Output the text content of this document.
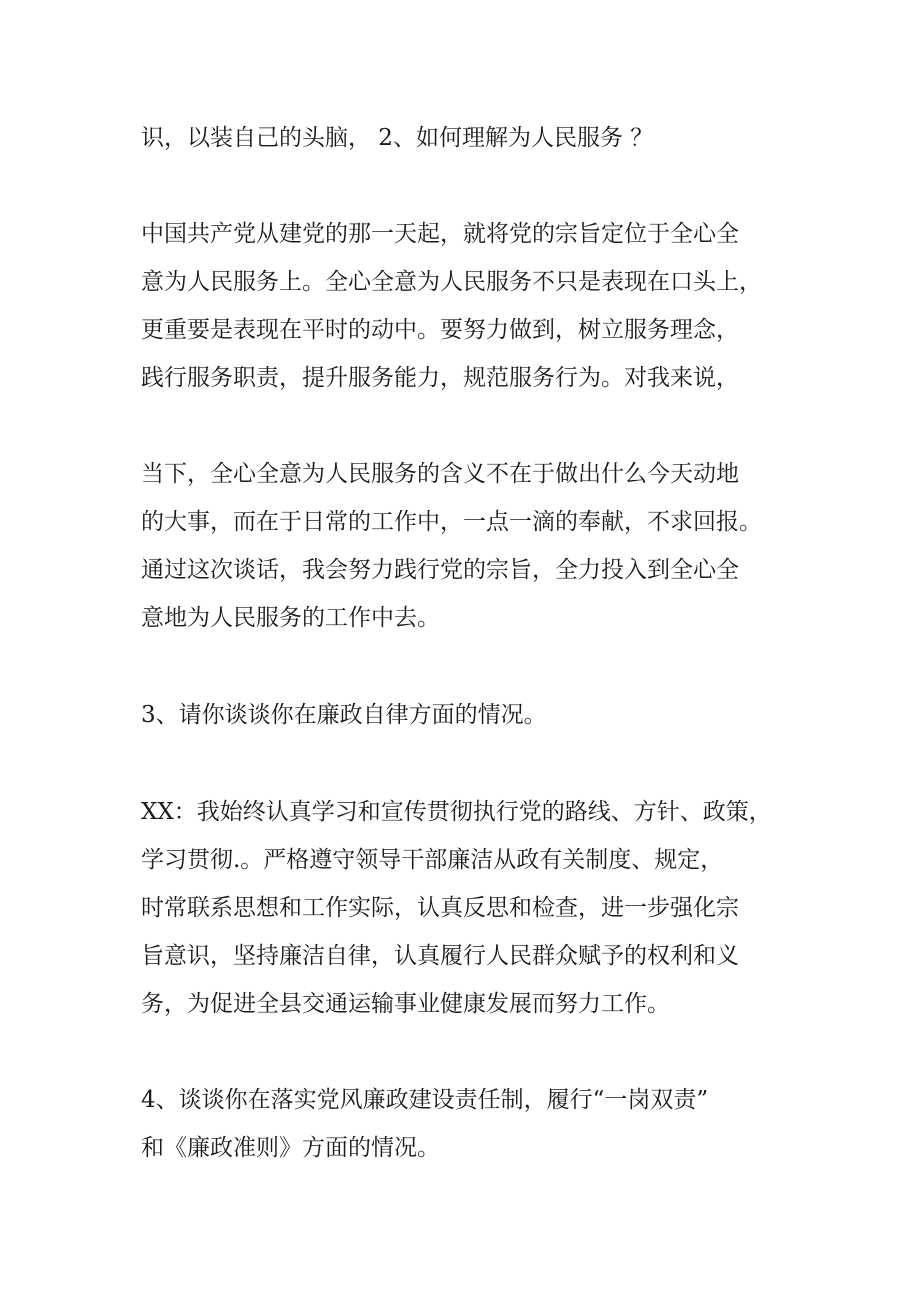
识，以装自己的头脑， 2、如何理解为人民服务 ？

中国共产党从建党的那一天起，就将党的宗旨定位于全心全
意为人民服务上。全心全意为人民服务不只是表现在口头上，
更重要是表现在平时的动中。要努力做到，树立服务理念，
践行服务职责，提升服务能力，规范服务行为。对我来说，

当下，全心全意为人民服务的含义不在于做出什么今天动地
的大事，而在于日常的工作中，一点一滴的奉献，不求回报。
通过这次谈话，我会努力践行党的宗旨，全力投入到全心全
意地为人民服务的工作中去。

3、请你谈谈你在廉政自律方面的情况。

XX：我始终认真学习和宣传贯彻执行党的路线、方针、政策，
学习贯彻.。严格遵守领导干部廉洁从政有关制度、规定，
时常联系思想和工作实际，认真反思和检查，进一步强化宗
旨意识，坚持廉洁自律，认真履行人民群众赋予的权利和义
务，为促进全县交通运输事业健康发展而努力工作。

4、谈谈你在落实党风廉政建设责任制，履行“一岗双责”
和《廉政准则》方面的情况。
